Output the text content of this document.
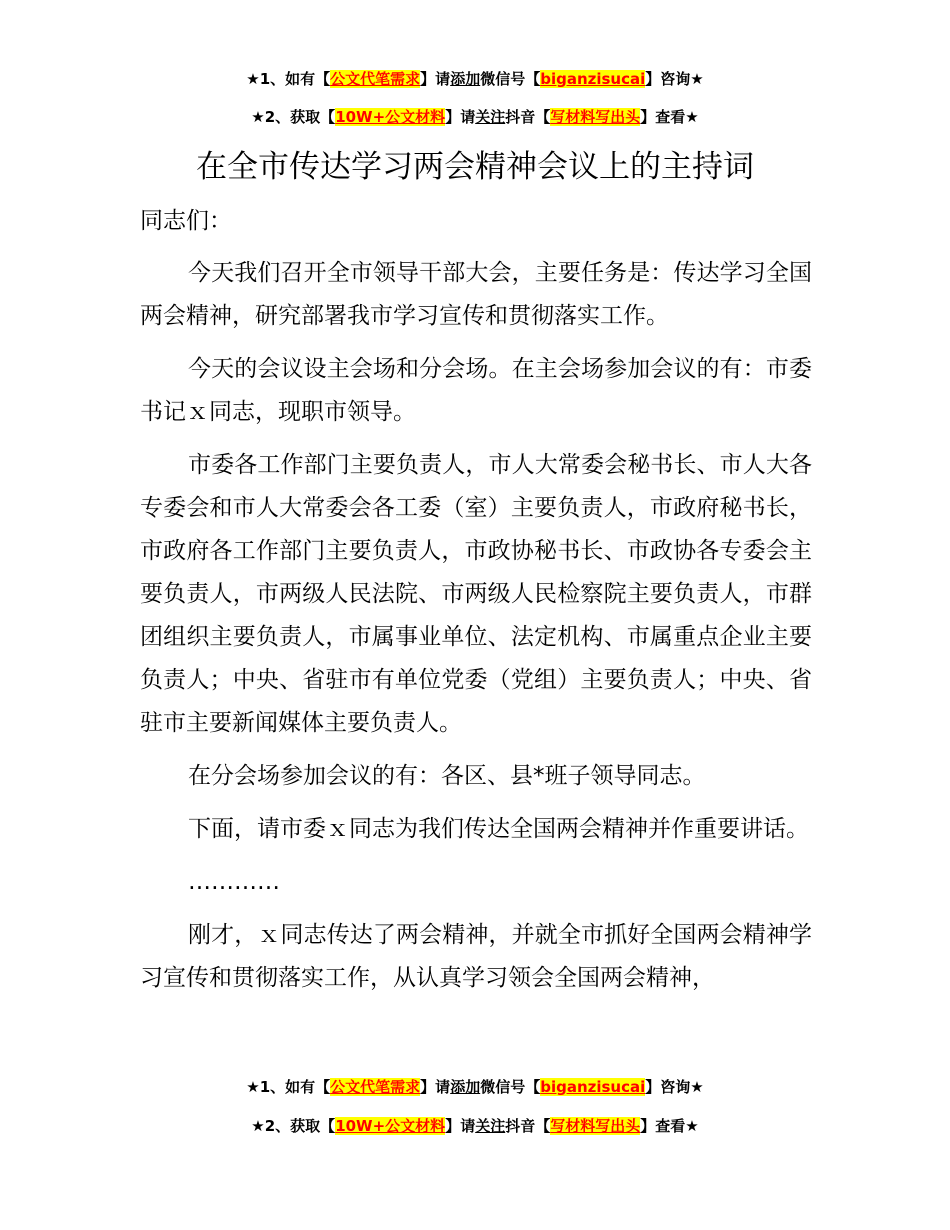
★1、如有【公文代笔需求】请添加微信号【biganzisucai】咨询★
★2、获取【10W+公文材料】请关注抖音【写材料写出头】查看★
在全市传达学习两会精神会议上的主持词

同志们：

今天我们召开全市领导干部大会，主要任务是：传达学习全国两会精神，研究部署我市学习宣传和贯彻落实工作。

今天的会议设主会场和分会场。在主会场参加会议的有：市委书记ｘ同志，现职市领导。

市委各工作部门主要负责人，市人大常委会秘书长、市人大各专委会和市人大常委会各工委（室）主要负责人，市政府秘书长，市政府各工作部门主要负责人，市政协秘书长、市政协各专委会主要负责人，市两级人民法院、市两级人民检察院主要负责人，市群团组织主要负责人，市属事业单位、法定机构、市属重点企业主要负责人；中央、省驻市有单位党委（党组）主要负责人；中央、省驻市主要新闻媒体主要负责人。

在分会场参加会议的有：各区、县*班子领导同志。

下面，请市委ｘ同志为我们传达全国两会精神并作重要讲话。

…………

刚才，ｘ同志传达了两会精神，并就全市抓好全国两会精神学习宣传和贯彻落实工作，从认真学习领会全国两会精神，

★1、如有【公文代笔需求】请添加微信号【biganzisucai】咨询★
★2、获取【10W+公文材料】请关注抖音【写材料写出头】查看★
